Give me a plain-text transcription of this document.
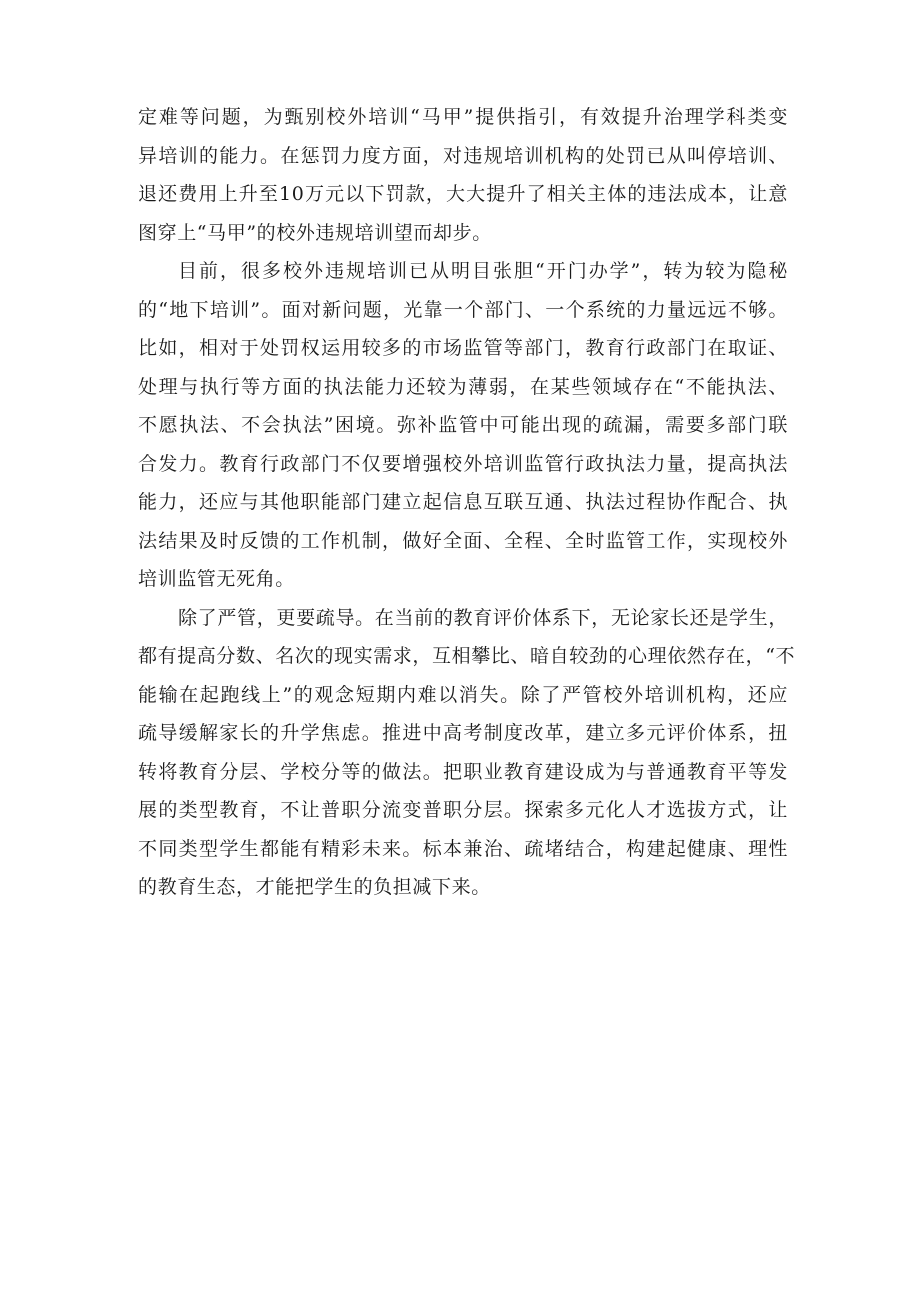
定难等问题，为甄别校外培训“马甲”提供指引，有效提升治理学科类变
异培训的能力。在惩罚力度方面，对违规培训机构的处罚已从叫停培训、
退还费用上升至10万元以下罚款，大大提升了相关主体的违法成本，让意
图穿上“马甲”的校外违规培训望而却步。
目前，很多校外违规培训已从明目张胆“开门办学”，转为较为隐秘
的“地下培训”。面对新问题，光靠一个部门、一个系统的力量远远不够。
比如，相对于处罚权运用较多的市场监管等部门，教育行政部门在取证、
处理与执行等方面的执法能力还较为薄弱，在某些领域存在“不能执法、
不愿执法、不会执法”困境。弥补监管中可能出现的疏漏，需要多部门联
合发力。教育行政部门不仅要增强校外培训监管行政执法力量，提高执法
能力，还应与其他职能部门建立起信息互联互通、执法过程协作配合、执
法结果及时反馈的工作机制，做好全面、全程、全时监管工作，实现校外
培训监管无死角。
除了严管，更要疏导。在当前的教育评价体系下，无论家长还是学生，
都有提高分数、名次的现实需求，互相攀比、暗自较劲的心理依然存在，“不
能输在起跑线上”的观念短期内难以消失。除了严管校外培训机构，还应
疏导缓解家长的升学焦虑。推进中高考制度改革，建立多元评价体系，扭
转将教育分层、学校分等的做法。把职业教育建设成为与普通教育平等发
展的类型教育，不让普职分流变普职分层。探索多元化人才选拔方式，让
不同类型学生都能有精彩未来。标本兼治、疏堵结合，构建起健康、理性
的教育生态，才能把学生的负担减下来。
